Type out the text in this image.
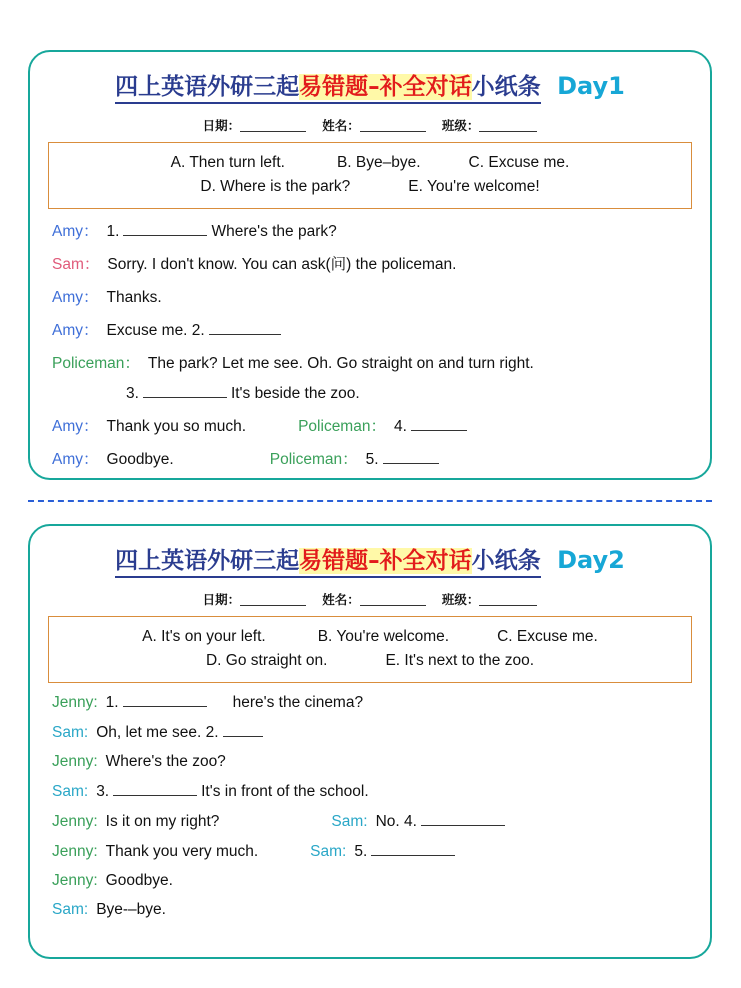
四上英语外研三起易错题–补全对话小纸条 Day1
日期：	姓名：	班级：
A. Then turn left.	B. Bye–bye.	C. Excuse me.
D. Where is the park?	E. You're welcome!
Amy： 1.	Where's the park?
Sam： Sorry. I don't know. You can ask(问) the policeman.
Amy： Thanks.
Amy： Excuse me. 2.
Policeman： The park? Let me see. Oh. Go straight on and turn right.
3.	It's beside the zoo.
Amy： Thank you so much.	Policeman： 4.
Amy： Goodbye.	Policeman： 5.
四上英语外研三起易错题–补全对话小纸条 Day2
日期：	姓名：	班级：
A. It's on your left.	B. You're welcome.	C. Excuse me.
D. Go straight on.	E. It's next to the zoo.
Jenny: 1.	here's the cinema?
Sam: Oh, let me see. 2.
Jenny: Where's the zoo?
Sam: 3.	It's in front of the school.
Jenny: Is it on my right?	Sam: No. 4.
Jenny: Thank you very much.	Sam: 5.
Jenny: Goodbye.
Sam: Bye-–bye.
